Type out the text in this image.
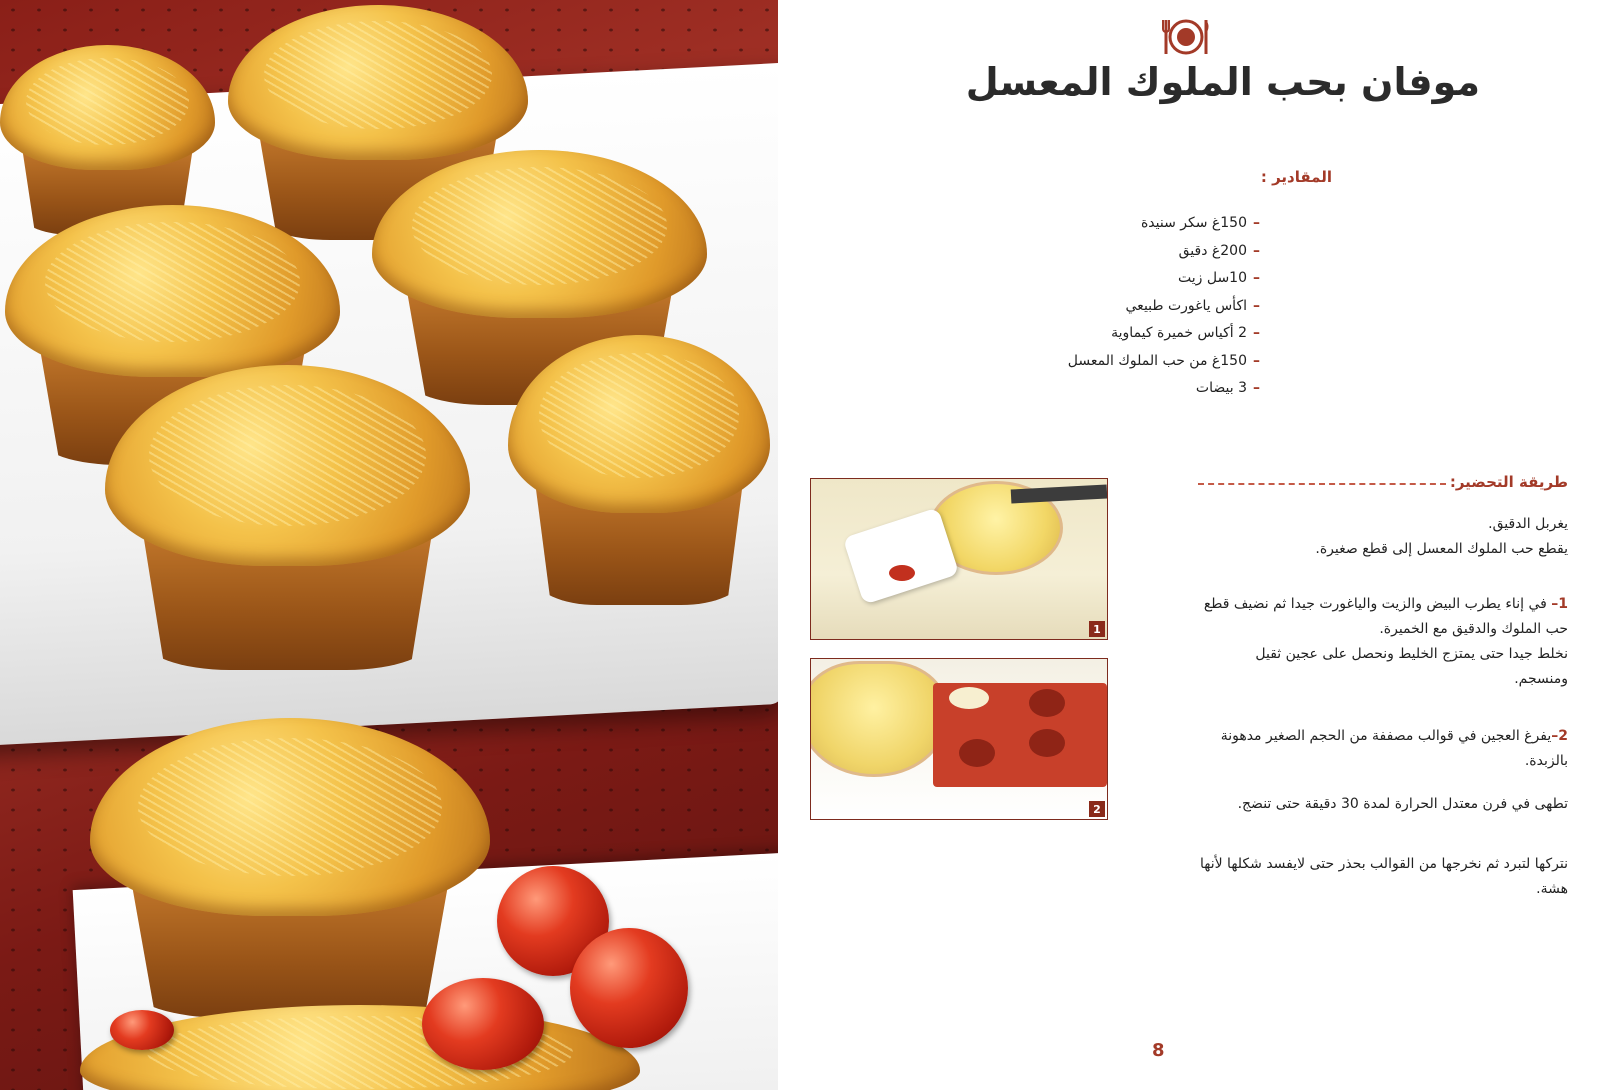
موفان بحب الملوك المعسل
المقادير :
–150غ سكر سنيدة
–200غ دقيق
–10سل زيت
–اكأس ياغورت طبيعي
–2 أكياس خميرة كيماوية
–150غ من حب الملوك المعسل
–3 بيضات
طريقة التحضير:

يغربل الدقيق.

يقطع حب الملوك المعسل إلى قطع صغيرة.

1– في إناء يطرب البيض والزيت والياغورت جيدا ثم نضيف قطع حب الملوك والدقيق مع الخميرة.

نخلط جيدا حتى يمتزج الخليط ونحصل على عجين ثقيل ومنسجم.

2–يفرغ العجين في قوالب مصففة من الحجم الصغير مدهونة بالزبدة.

تطهى في فرن معتدل الحرارة لمدة 30 دقيقة حتى تنضج.

نتركها لتبرد ثم نخرجها من القوالب بحذر حتى لايفسد شكلها لأنها هشة.

1
2
8
